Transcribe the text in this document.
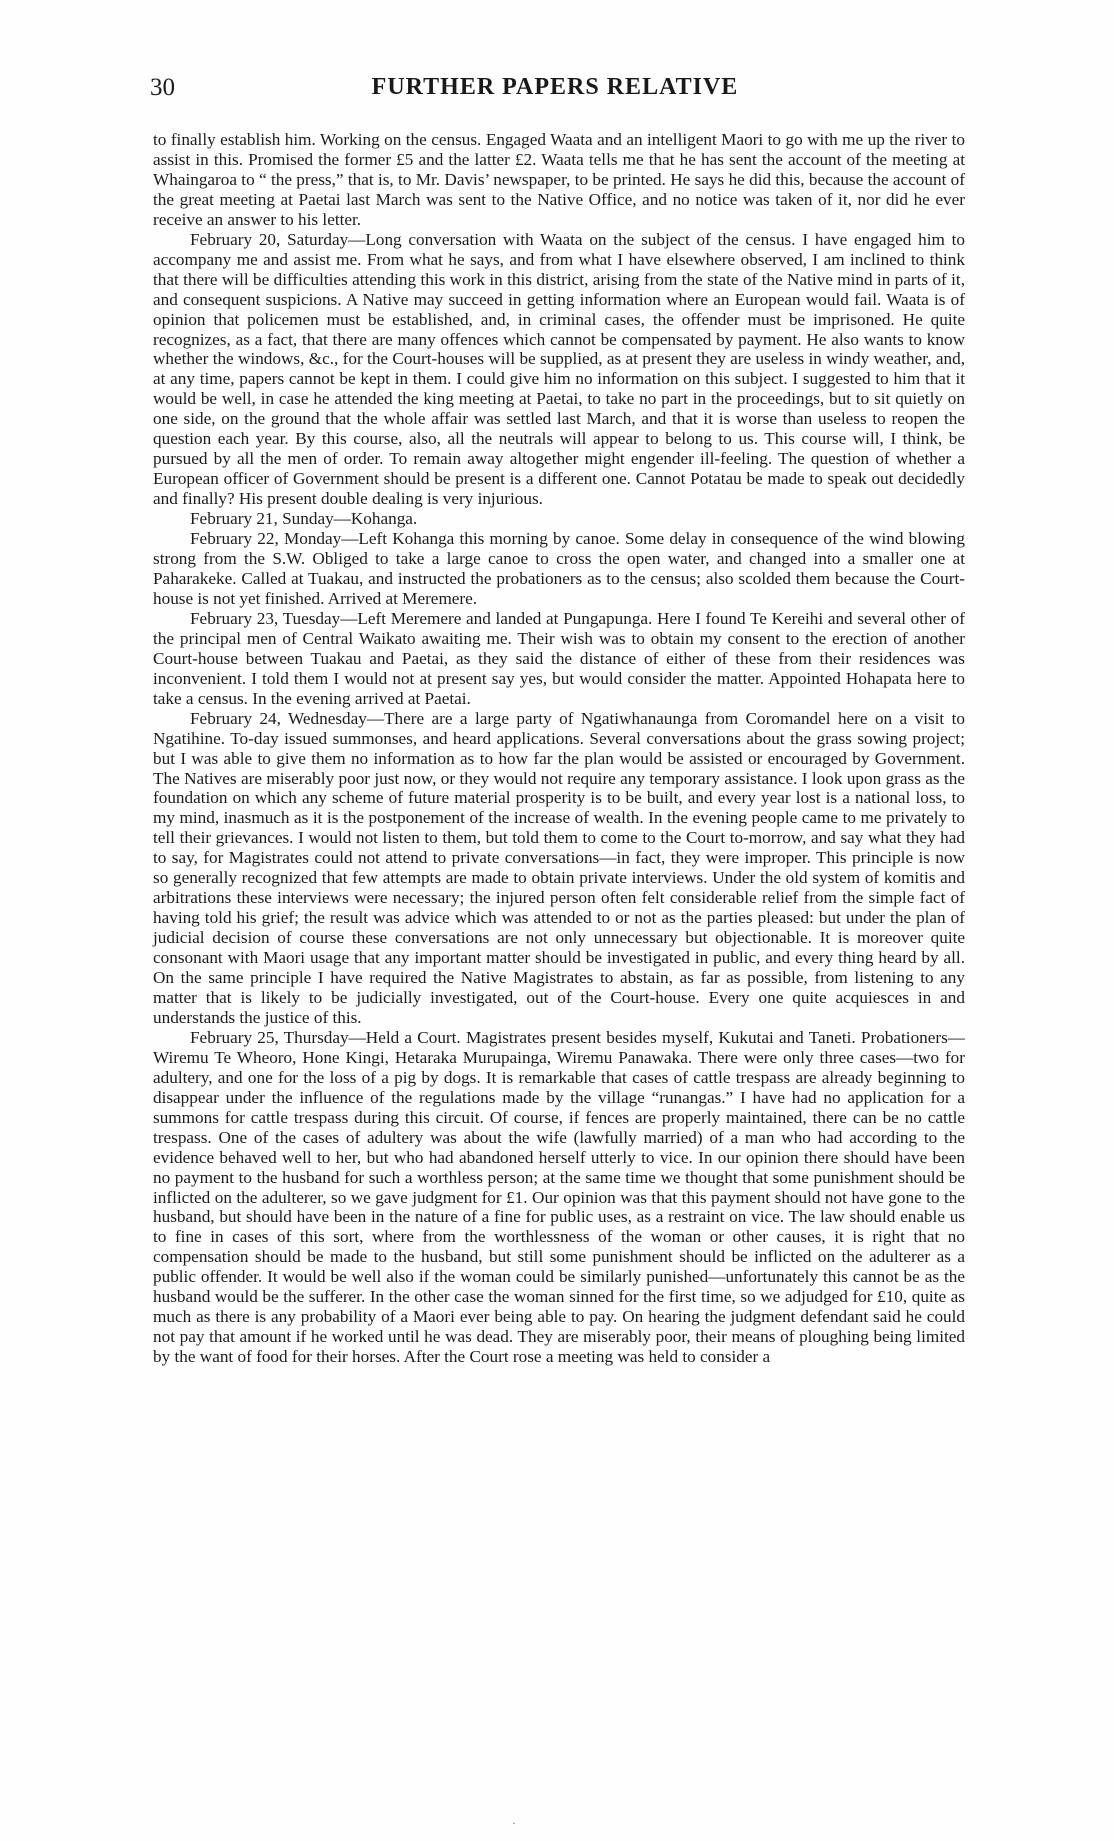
30	FURTHER PAPERS RELATIVE

to finally establish him. Working on the census. Engaged Waata and an intelligent Maori to go with me up the river to assist in this. Promised the former £5 and the latter £2. Waata tells me that he has sent the account of the meeting at Whaingaroa to “ the press,” that is, to Mr. Davis’ newspaper, to be printed. He says he did this, because the account of the great meeting at Paetai last March was sent to the Native Office, and no notice was taken of it, nor did he ever receive an answer to his letter.

February 20, Saturday—Long conversation with Waata on the subject of the census. I have engaged him to accompany me and assist me. From what he says, and from what I have elsewhere observed, I am inclined to think that there will be difficulties attending this work in this district, arising from the state of the Native mind in parts of it, and consequent suspicions. A Native may succeed in getting information where an European would fail. Waata is of opinion that policemen must be established, and, in criminal cases, the offender must be imprisoned. He quite recognizes, as a fact, that there are many offences which cannot be compensated by payment. He also wants to know whether the windows, &c., for the Court-houses will be supplied, as at present they are useless in windy weather, and, at any time, papers cannot be kept in them. I could give him no information on this subject. I suggested to him that it would be well, in case he attended the king meeting at Paetai, to take no part in the proceedings, but to sit quietly on one side, on the ground that the whole affair was settled last March, and that it is worse than useless to reopen the question each year. By this course, also, all the neutrals will appear to belong to us. This course will, I think, be pursued by all the men of order. To remain away altogether might engender ill-feeling. The question of whether a European officer of Government should be present is a different one. Cannot Potatau be made to speak out decidedly and finally? His present double dealing is very injurious.

February 21, Sunday—Kohanga.

February 22, Monday—Left Kohanga this morning by canoe. Some delay in consequence of the wind blowing strong from the S.W. Obliged to take a large canoe to cross the open water, and changed into a smaller one at Paharakeke. Called at Tuakau, and instructed the probationers as to the census; also scolded them because the Court-house is not yet finished. Arrived at Meremere.

February 23, Tuesday—Left Meremere and landed at Pungapunga. Here I found Te Kereihi and several other of the principal men of Central Waikato awaiting me. Their wish was to obtain my consent to the erection of another Court-house between Tuakau and Paetai, as they said the distance of either of these from their residences was inconvenient. I told them I would not at present say yes, but would consider the matter. Appointed Hohapata here to take a census. In the evening arrived at Paetai.

February 24, Wednesday—There are a large party of Ngatiwhanaunga from Coromandel here on a visit to Ngatihine. To-day issued summonses, and heard applications. Several conversations about the grass sowing project; but I was able to give them no information as to how far the plan would be assisted or encouraged by Government. The Natives are miserably poor just now, or they would not require any temporary assistance. I look upon grass as the foundation on which any scheme of future material prosperity is to be built, and every year lost is a national loss, to my mind, inasmuch as it is the postponement of the increase of wealth. In the evening people came to me privately to tell their grievances. I would not listen to them, but told them to come to the Court to-morrow, and say what they had to say, for Magistrates could not attend to private conversations—in fact, they were improper. This principle is now so generally recognized that few attempts are made to obtain private interviews. Under the old system of komitis and arbitrations these interviews were necessary; the injured person often felt considerable relief from the simple fact of having told his grief; the result was advice which was attended to or not as the parties pleased: but under the plan of judicial decision of course these conversations are not only unnecessary but objectionable. It is moreover quite consonant with Maori usage that any important matter should be investigated in public, and every thing heard by all. On the same principle I have required the Native Magistrates to abstain, as far as possible, from listening to any matter that is likely to be judicially investigated, out of the Court-house. Every one quite acquiesces in and understands the justice of this.

February 25, Thursday—Held a Court. Magistrates present besides myself, Kukutai and Taneti. Probationers—Wiremu Te Wheoro, Hone Kingi, Hetaraka Murupainga, Wiremu Panawaka. There were only three cases—two for adultery, and one for the loss of a pig by dogs. It is remarkable that cases of cattle trespass are already beginning to disappear under the influence of the regulations made by the village “runangas.” I have had no application for a summons for cattle trespass during this circuit. Of course, if fences are properly maintained, there can be no cattle trespass. One of the cases of adultery was about the wife (lawfully married) of a man who had according to the evidence behaved well to her, but who had abandoned herself utterly to vice. In our opinion there should have been no payment to the husband for such a worthless person; at the same time we thought that some punishment should be inflicted on the adulterer, so we gave judgment for £1. Our opinion was that this payment should not have gone to the husband, but should have been in the nature of a fine for public uses, as a restraint on vice. The law should enable us to fine in cases of this sort, where from the worthlessness of the woman or other causes, it is right that no compensation should be made to the husband, but still some punishment should be inflicted on the adulterer as a public offender. It would be well also if the woman could be similarly punished—unfortunately this cannot be as the husband would be the sufferer. In the other case the woman sinned for the first time, so we adjudged for £10, quite as much as there is any probability of a Maori ever being able to pay. On hearing the judgment defendant said he could not pay that amount if he worked until he was dead. They are miserably poor, their means of ploughing being limited by the want of food for their horses. After the Court rose a meeting was held to consider a

·
